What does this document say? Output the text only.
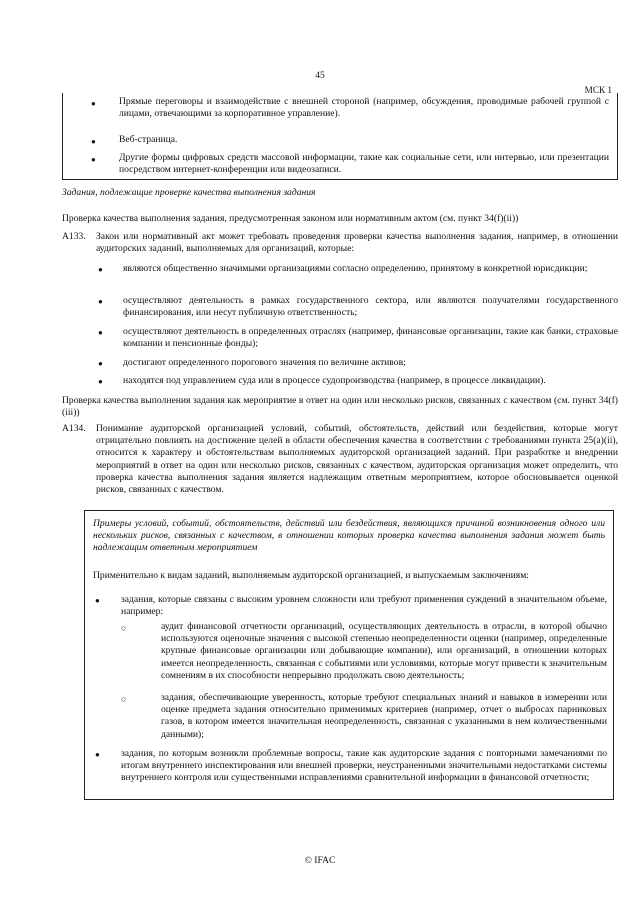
45
МСК 1
● Прямые переговоры и взаимодействие с внешней стороной (например, обсуждения, проводимые рабочей группой с лицами, отвечающими за корпоративное управление).
● Веб-страница.
● Другие формы цифровых средств массовой информации, такие как социальные сети, или интервью, или презентации посредством интернет-конференции или видеозаписи.
Задания, подлежащие проверке качества выполнения задания
Проверка качества выполнения задания, предусмотренная законом или нормативным актом (см. пункт 34(f)(ii))
A133. Закон или нормативный акт может требовать проведения проверки качества выполнения задания, например, в отношении аудиторских заданий, выполняемых для организаций, которые:
● являются общественно значимыми организациями согласно определению, принятому в конкретной юрисдикции;
● осуществляют деятельность в рамках государственного сектора, или являются получателями государственного финансирования, или несут публичную ответственность;
● осуществляют деятельность в определенных отраслях (например, финансовые организации, такие как банки, страховые компании и пенсионные фонды);
● достигают определенного порогового значения по величине активов;
● находятся под управлением суда или в процессе судопроизводства (например, в процессе ликвидации).
Проверка качества выполнения задания как мероприятие в ответ на один или несколько рисков, связанных с качеством (см. пункт 34(f)(iii))
A134. Понимание аудиторской организацией условий, событий, обстоятельств, действий или бездействия, которые могут отрицательно повлиять на достижение целей в области обеспечения качества в соответствии с требованиями пункта 25(a)(ii), относится к характеру и обстоятельствам выполняемых аудиторской организацией заданий. При разработке и внедрении мероприятий в ответ на один или несколько рисков, связанных с качеством, аудиторская организация может определить, что проверка качества выполнения задания является надлежащим ответным мероприятием, которое обосновывается оценкой рисков, связанных с качеством.
Примеры условий, событий, обстоятельств, действий или бездействия, являющихся причиной возникновения одного или нескольких рисков, связанных с качеством, в отношении которых проверка качества выполнения задания может быть надлежащим ответным мероприятием
Применительно к видам заданий, выполняемым аудиторской организацией, и выпускаемым заключениям:
● задания, которые связаны с высоким уровнем сложности или требуют применения суждений в значительном объеме, например:
○	аудит финансовой отчетности организаций, осуществляющих деятельность в отрасли, в которой обычно используются оценочные значения с высокой степенью неопределенности оценки (например, определенные крупные финансовые организации или добывающие компании), или организаций, в отношении которых имеется неопределенность, связанная с событиями или условиями, которые могут привести к значительным сомнениям в их способности непрерывно продолжать свою деятельность;
○	задания, обеспечивающие уверенность, которые требуют специальных знаний и навыков в измерении или оценке предмета задания относительно применимых критериев (например, отчет о выбросах парниковых газов, в котором имеется значительная неопределенность, связанная с указанными в нем количественными данными);
● задания, по которым возникли проблемные вопросы, такие как аудиторские задания с повторными замечаниями по итогам внутреннего инспектирования или внешней проверки, неустраненными значительными недостатками системы внутреннего контроля или существенными исправлениями сравнительной информации в финансовой отчетности;
© IFAC
